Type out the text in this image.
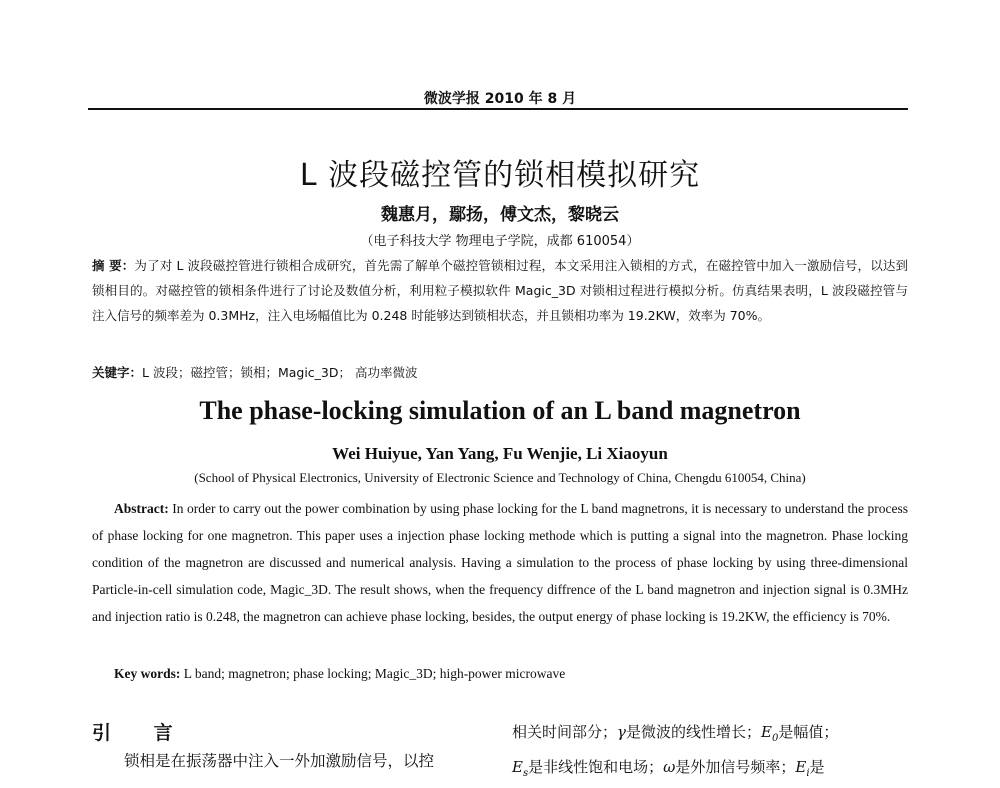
微波学报 2010 年 8 月
L 波段磁控管的锁相模拟研究
魏惠月，鄢扬，傅文杰，黎晓云
（电子科技大学 物理电子学院，成都 610054）
摘 要：为了对 L 波段磁控管进行锁相合成研究，首先需了解单个磁控管锁相过程，本文采用注入锁相的方式，在磁控管中加入一激励信号，以达到锁相目的。对磁控管的锁相条件进行了讨论及数值分析，利用粒子模拟软件 Magic_3D 对锁相过程进行模拟分析。仿真结果表明，L 波段磁控管与注入信号的频率差为 0.3MHz，注入电场幅值比为 0.248 时能够达到锁相状态，并且锁相功率为 19.2KW，效率为 70%。
关键字：L 波段；磁控管；锁相；Magic_3D； 高功率微波
The phase-locking simulation of an L band magnetron
Wei Huiyue, Yan Yang, Fu Wenjie, Li Xiaoyun
(School of Physical Electronics, University of Electronic Science and Technology of China, Chengdu 610054, China)
Abstract: In order to carry out the power combination by using phase locking for the L band magnetrons, it is necessary to understand the process of phase locking for one magnetron. This paper uses a injection phase locking methode which is putting a signal into the magnetron. Phase locking condition of the magnetron are discussed and numerical analysis. Having a simulation to the process of phase locking by using three-dimensional Particle-in-cell simulation code, Magic_3D. The result shows, when the frequency diffrence of the L band magnetron and injection signal is 0.3MHz and injection ratio is 0.248, the magnetron can achieve phase locking, besides, the output energy of phase locking is 19.2KW, the efficiency is 70%.
Key words: L band; magnetron; phase locking; Magic_3D; high-power microwave
引 言
锁相是在振荡器中注入一外加激励信号，以控
相关时间部分；γ是微波的线性增长；$E_0$是幅值；
$E_s$是非线性饱和电场；ω是外加信号频率；$E_i$是
